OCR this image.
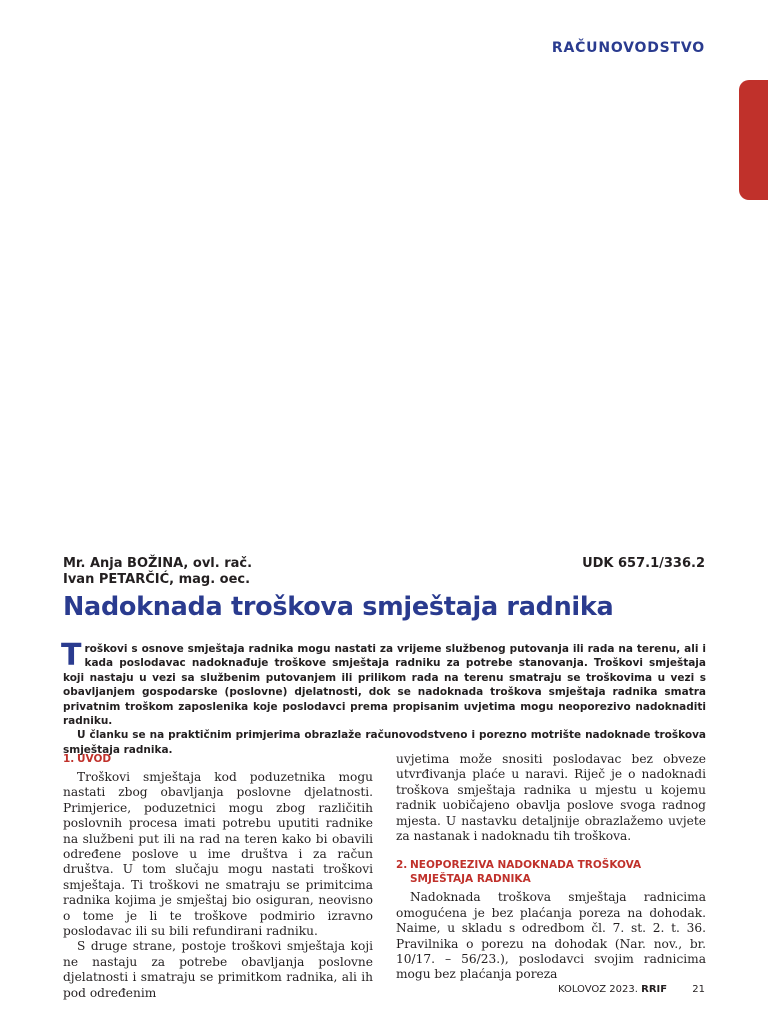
RAČUNOVODSTVO
Mr. Anja BOŽINA, ovl. rač.
Ivan PETARČIĆ, mag. oec.
UDK 657.1/336.2
Nadoknada troškova smještaja radnika

Troškovi s osnove smještaja radnika mogu nastati za vrijeme službenog putovanja ili rada na terenu, ali i kada poslodavac nadoknađuje troškove smještaja radniku za potrebe stanovanja. Troškovi smještaja koji nastaju u vezi sa službenim putovanjem ili prilikom rada na terenu smatraju se troškovima u vezi s obavljanjem gospodarske (poslovne) djelatnosti, dok se nadoknada troškova smještaja radnika smatra privatnim troškom zaposlenika koje poslodavci prema propisanim uvjetima mogu neoporezivo nadoknaditi radniku.

U članku se na praktičnim primjerima obrazlaže računovodstveno i porezno motrište nadoknade troškova smještaja radnika.

1. UVOD

Troškovi smještaja kod poduzetnika mogu nastati zbog obavljanja poslovne djelatnosti. Primjerice, poduzetnici mogu zbog različitih poslovnih procesa imati potrebu uputiti radnike na službeni put ili na rad na teren kako bi obavili određene poslove u ime društva i za račun društva. U tom slučaju mogu nastati troškovi smještaja. Ti troškovi ne smatraju se primitcima radnika kojima je smještaj bio osiguran, neovisno o tome je li te troškove podmirio izravno poslodavac ili su bili refundirani radniku.

S druge strane, postoje troškovi smještaja koji ne nastaju za potrebe obavljanja poslovne djelatnosti i smatraju se primitkom radnika, ali ih pod određenim

uvjetima može snositi poslodavac bez obveze utvrđivanja plaće u naravi. Riječ je o nadoknadi troškova smještaja radnika u mjestu u kojemu radnik uobičajeno obavlja poslove svoga radnog mjesta. U nastavku detaljnije obrazlažemo uvjete za nastanak i nadoknadu tih troškova.

2. NEOPOREZIVA NADOKNADA TROŠKOVA
SMJEŠTAJA RADNIKA

Nadoknada troškova smještaja radnicima omogućena je bez plaćanja poreza na dohodak. Naime, u skladu s odredbom čl. 7. st. 2. t. 36. Pravilnika o porezu na dohodak (Nar. nov., br. 10/17. – 56/23.), poslodavci svojim radnicima mogu bez plaćanja poreza

KOLOVOZ 2023. RRIF	21
